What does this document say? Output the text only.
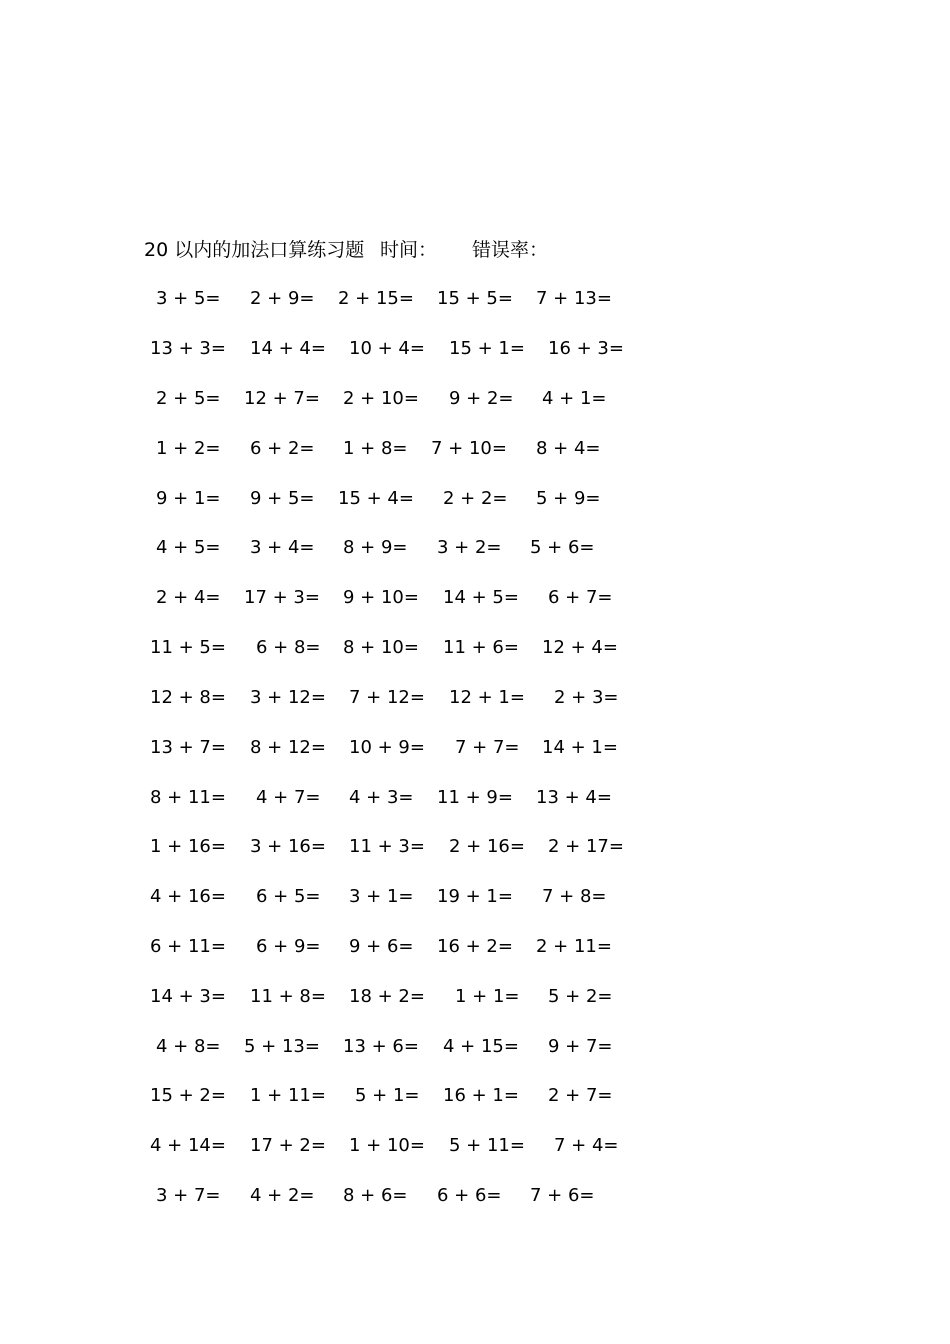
20 以内的加法口算练习题 时间： 错误率：
3 + 5= 2 + 9= 2 + 15= 15 + 5= 7 + 13=
13 + 3= 14 + 4= 10 + 4= 15 + 1= 16 + 3=
2 + 5= 12 + 7= 2 + 10= 9 + 2= 4 + 1=
1 + 2= 6 + 2= 1 + 8= 7 + 10= 8 + 4=
9 + 1= 9 + 5= 15 + 4= 2 + 2= 5 + 9=
4 + 5= 3 + 4= 8 + 9= 3 + 2= 5 + 6=
2 + 4= 17 + 3= 9 + 10= 14 + 5= 6 + 7=
11 + 5= 6 + 8= 8 + 10= 11 + 6= 12 + 4=
12 + 8= 3 + 12= 7 + 12= 12 + 1= 2 + 3=
13 + 7= 8 + 12= 10 + 9= 7 + 7= 14 + 1=
8 + 11= 4 + 7= 4 + 3= 11 + 9= 13 + 4=
1 + 16= 3 + 16= 11 + 3= 2 + 16= 2 + 17=
4 + 16= 6 + 5= 3 + 1= 19 + 1= 7 + 8=
6 + 11= 6 + 9= 9 + 6= 16 + 2= 2 + 11=
14 + 3= 11 + 8= 18 + 2= 1 + 1= 5 + 2=
4 + 8= 5 + 13= 13 + 6= 4 + 15= 9 + 7=
15 + 2= 1 + 11= 5 + 1= 16 + 1= 2 + 7=
4 + 14= 17 + 2= 1 + 10= 5 + 11= 7 + 4=
3 + 7= 4 + 2= 8 + 6= 6 + 6= 7 + 6=
